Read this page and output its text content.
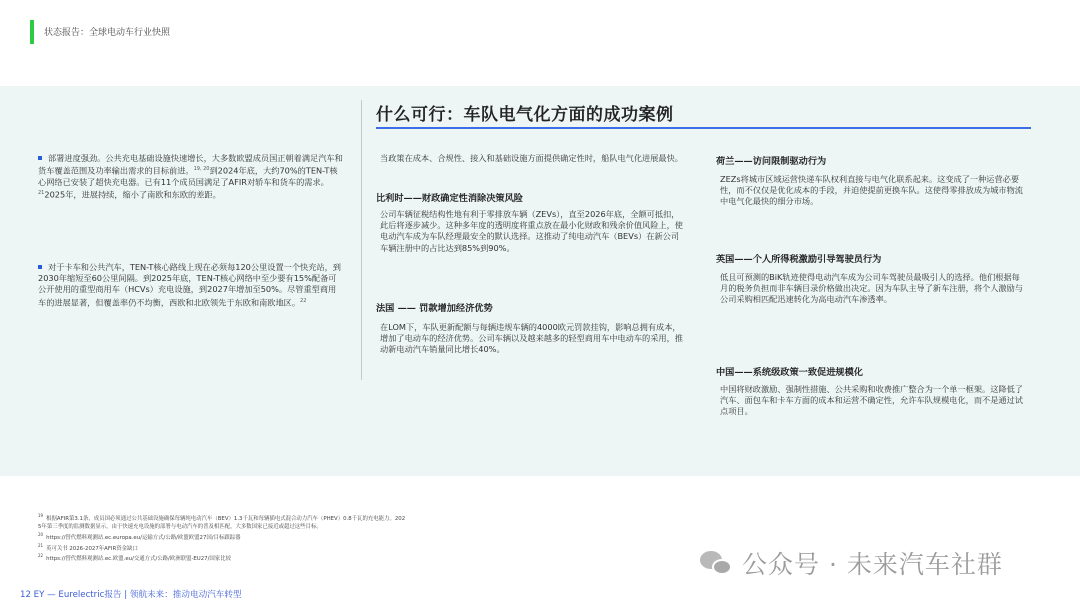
状态报告：全球电动车行业快照
什么可行：车队电气化方面的成功案例
部署进度强劲。公共充电基础设施快速增长，大多数欧盟成员国正朝着满足汽车和货车覆盖范围及功率输出需求的目标前进。$^{19, 20}$到2024年底，大约70%的TEN-T核心网络已安装了超快充电器。已有11个成员国满足了AFIR对轿车和货车的需求。$^{21}$2025年，进展持续，缩小了南欧和东欧的差距。
对于卡车和公共汽车，TEN-T核心路线上现在必须每120公里设置一个快充站，到2030年缩短至60公里间隔。到2025年底，TEN-T核心网络中至少要有15%配备可公开使用的重型商用车（HCVs）充电设施，到2027年增加至50%。尽管重型商用车的进展显著，但覆盖率仍不均衡，西欧和北欧领先于东欧和南欧地区。$^{22}$
当政策在成本、合规性、接入和基础设施方面提供确定性时，船队电气化进展最快。
比利时——财政确定性消除决策风险
公司车辆征税结构性地有利于零排放车辆（ZEVs），直至2026年底，全额可抵扣，此后将逐步减少。这种多年度的透明度将重点放在最小化财政和残余价值风险上，使电动汽车成为车队经理最安全的默认选择。这推动了纯电动汽车（BEVs）在新公司车辆注册中的占比达到85%到90%。
法国 —— 罚款增加经济优势
在LOM下，车队更新配额与每辆违规车辆的4000欧元罚款挂钩，影响总拥有成本，增加了电动车的经济优势。公司车辆以及越来越多的轻型商用车中电动车的采用，推动新电动汽车销量同比增长40%。
荷兰——访问限制驱动行为
ZEZs将城市区域运营快递车队权利直接与电气化联系起来。这变成了一种运营必要性，而不仅仅是优化成本的手段，并迫使提前更换车队。这使得零排放成为城市物流中电气化最快的细分市场。
英国——个人所得税激励引导驾驶员行为
低且可预测的BiK轨迹使得电动汽车成为公司车驾驶员最吸引人的选择。他们根据每月的税务负担而非车辆目录价格做出决定。因为车队主导了新车注册，将个人激励与公司采购相匹配迅速转化为高电动汽车渗透率。
中国——系统级政策一致促进规模化
中国将财政激励、强制性措施、公共采购和收费推广整合为一个单一框架。这降低了汽车、面包车和卡车方面的成本和运营不确定性，允许车队规模电化，而不是通过试点项目。
$^{19}$根据AFIR第3.1条，成员国必须通过公共基础设施确保每辆纯电动汽车（BEV）1.3千瓦和每辆插电式混合动力汽车（PHEV）0.8千瓦的充电能力。202
5年第三季度的监测数据显示，由于快速充电设施的部署与电动汽车的普及相匹配，大多数国家已接近或超过这些目标。
$^{20}$https://替代燃料观测站.ec.europa.eu/运输方式/公路/欧盟欧盟27国/目标跟踪器
$^{21}$英可关书 2026-2027年AFIR资金缺口
$^{22}$https://替代燃料观测站.ec.欧盟.eu/交通方式/公路/欧洲联盟-EU27/国家比较
12 EY — Eurelectric报告 | 领航未来：推动电动汽车转型
公众号 · 未来汽车社群
